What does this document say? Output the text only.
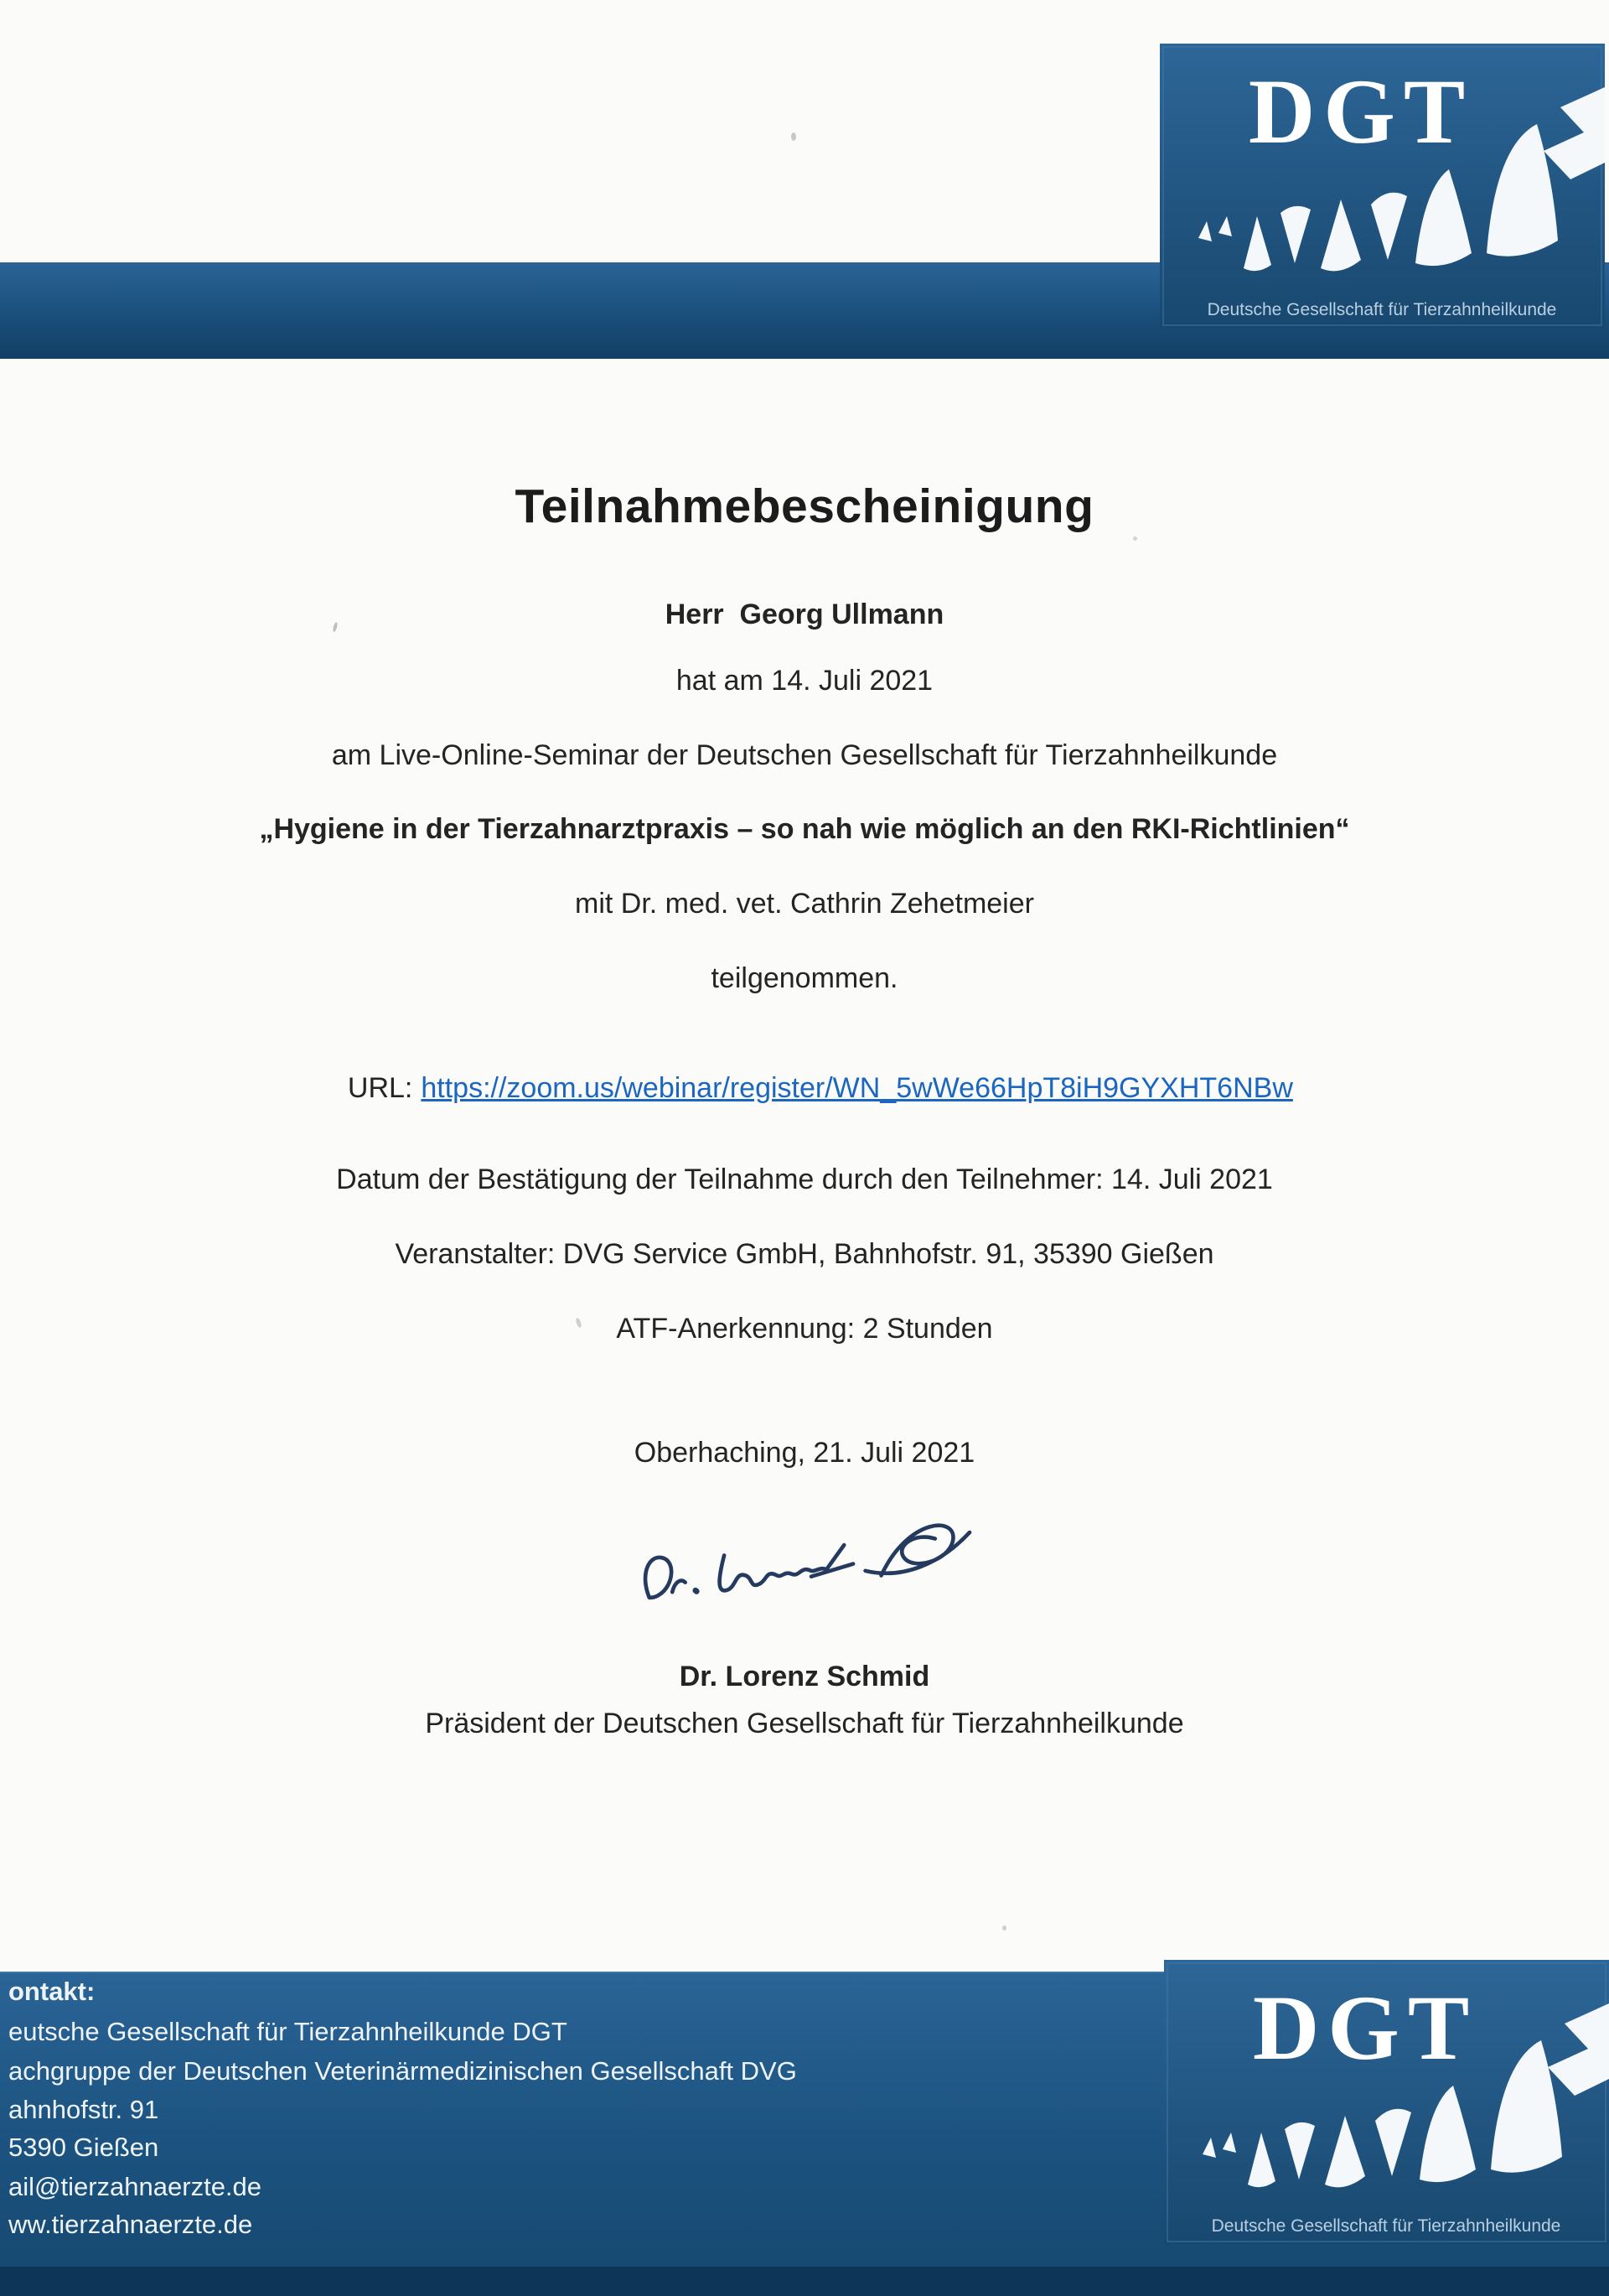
DGT
Deutsche Gesellschaft für Tierzahnheilkunde
Teilnahmebescheinigung
Herr  Georg Ullmann
hat am 14. Juli 2021
am Live-Online-Seminar der Deutschen Gesellschaft für Tierzahnheilkunde
„Hygiene in der Tierzahnarztpraxis – so nah wie möglich an den RKI-Richtlinien“
mit Dr. med. vet. Cathrin Zehetmeier
teilgenommen.

URL: https://zoom.us/webinar/register/WN_5wWe66HpT8iH9GYXHT6NBw

Datum der Bestätigung der Teilnahme durch den Teilnehmer: 14. Juli 2021
Veranstalter: DVG Service GmbH, Bahnhofstr. 91, 35390 Gießen
ATF-Anerkennung: 2 Stunden
Oberhaching, 21. Juli 2021
Dr. Lorenz Schmid
Präsident der Deutschen Gesellschaft für Tierzahnheilkunde
ontakt:
eutsche Gesellschaft für Tierzahnheilkunde DGT
achgruppe der Deutschen Veterinärmedizinischen Gesellschaft DVG
ahnhofstr. 91
5390 Gießen
ail@tierzahnaerzte.de
ww.tierzahnaerzte.de
DGT
Deutsche Gesellschaft für Tierzahnheilkunde
